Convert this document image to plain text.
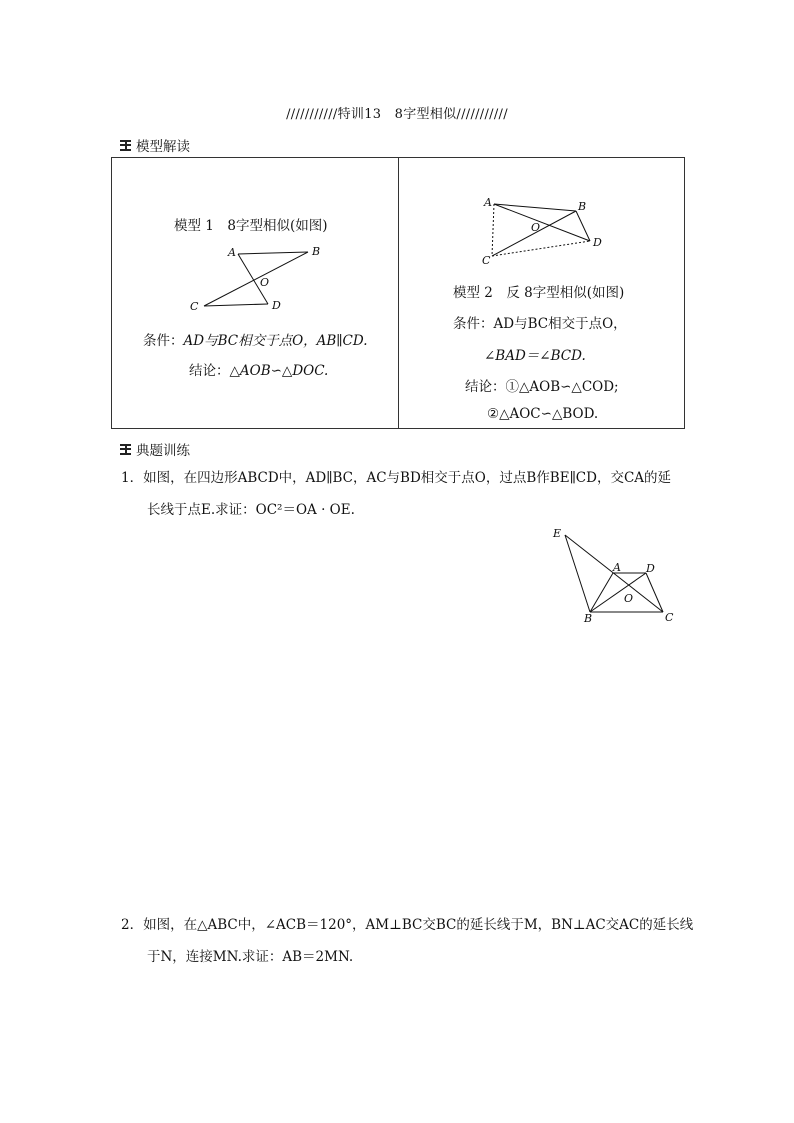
///////////特训13　8字型相似///////////
模型解读
模型 1　8字型相似(如图)
A	B
O
C	D
条件：AD与BC相交于点O，AB∥CD.
结论：△AOB∽△DOC.
A	B
O
C
D
模型 2　反 8字型相似(如图)
条件：AD与BC相交于点O，
∠BAD＝∠BCD.
结论：①△AOB∽△COD;
②△AOC∽△BOD.
典题训练
1．如图，在四边形ABCD中，AD∥BC，AC与BD相交于点O，过点B作BE∥CD，交CA的延
长线于点E.求证：OC²＝OA · OE.
E
A D
O
B	C
2．如图，在△ABC中，∠ACB＝120°，AM⊥BC交BC的延长线于M，BN⊥AC交AC的延长线
于N，连接MN.求证：AB＝2MN.
